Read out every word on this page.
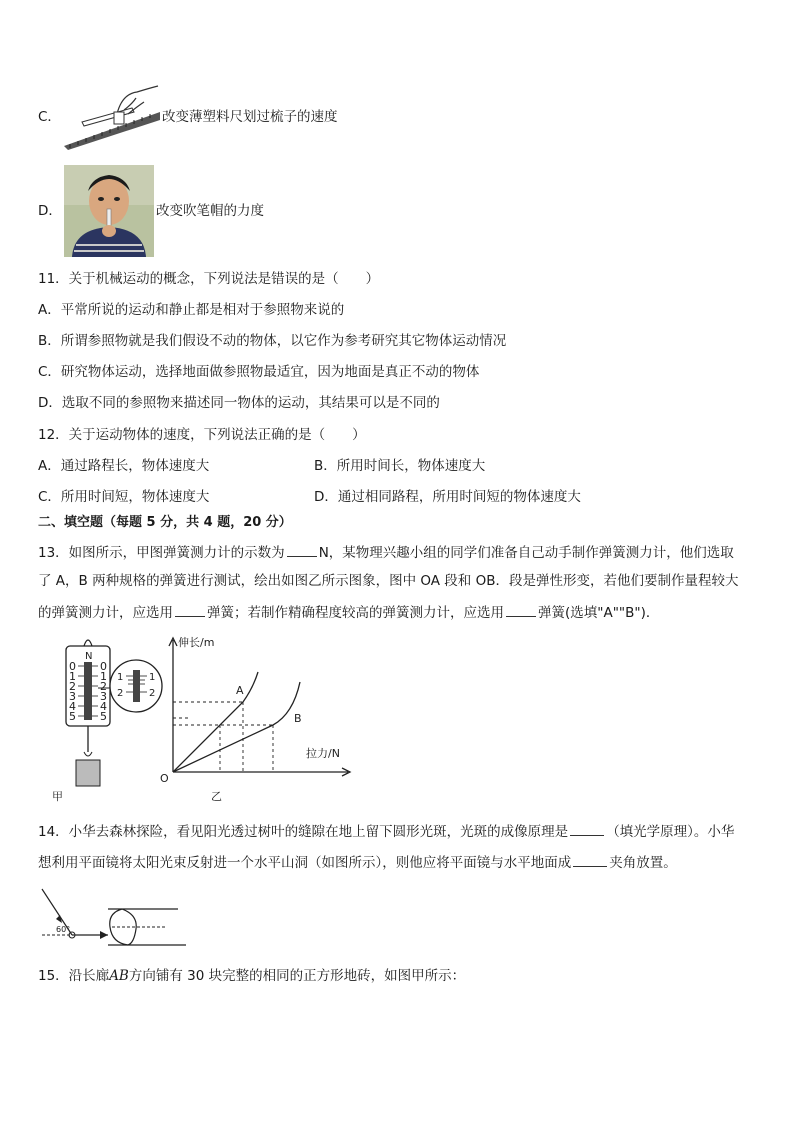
C．	改变薄塑料尺划过梳子的速度
D．	改变吹笔帽的力度
11．关于机械运动的概念，下列说法是错误的是（　　）
A．平常所说的运动和静止都是相对于参照物来说的
B．所谓参照物就是我们假设不动的物体，以它作为参考研究其它物体运动情况
C．研究物体运动，选择地面做参照物最适宜，因为地面是真正不动的物体
D．选取不同的参照物来描述同一物体的运动，其结果可以是不同的
12．关于运动物体的速度，下列说法正确的是（　　）
A．通过路程长，物体速度大	B．所用时间长，物体速度大
C．所用时间短，物体速度大	D．通过相同路程，所用时间短的物体速度大
二、填空题（每题 5 分，共 4 题，20 分）
13．如图所示，甲图弹簧测力计的示数为	N，某物理兴趣小组的同学们准备自己动手制作弹簧测力计，他们选取
了 A，B 两种规格的弹簧进行测试，绘出如图乙所示图象，图中 OA 段和 OB．段是弹性形变，若他们要制作量程较大
的弹簧测力计，应选用	弹簧；若制作精确程度较高的弹簧测力计，应选用	弹簧(选填"A""B")．
N
0
1
2
3
4
5
0
1
2
3
4
5
甲
1
2
1
2
伸长/m
拉力/N
O
A
B
乙
14．小华去森林探险，看见阳光透过树叶的缝隙在地上留下圆形光斑，光斑的成像原理是	（填光学原理）。小华
想利用平面镜将太阳光束反射进一个水平山洞（如图所示），则他应将平面镜与水平地面成	夹角放置。
60°
15．沿长廊AB方向铺有 30 块完整的相同的正方形地砖，如图甲所示：
